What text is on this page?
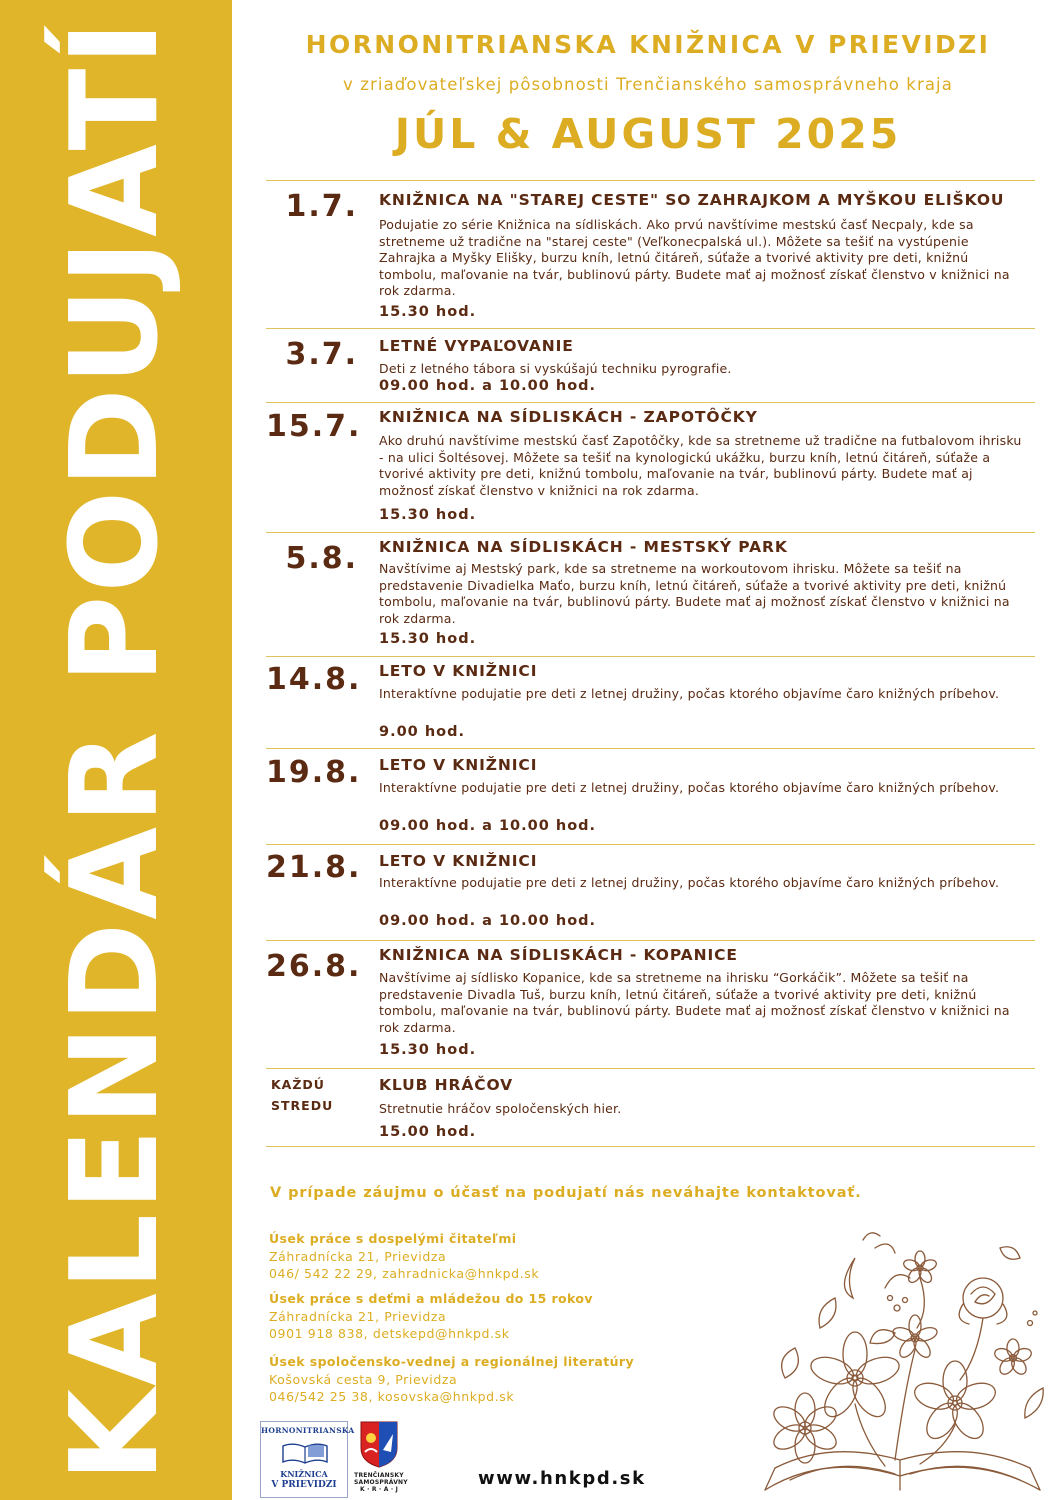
KALENDÁR PODUJATÍ	HORNONITRIANSKA KNIŽNICA V PRIEVIDZI
v zriaďovateľskej pôsobnosti Trenčianského samosprávneho kraja
JÚL & AUGUST 2025
1.7. KNIŽNICA NA "STAREJ CESTE" SO ZAHRAJKOM A MYŠKOU ELIŠKOU
Podujatie zo série Knižnica na sídliskách. Ako prvú navštívime mestskú časť Necpaly, kde sa stretneme už tradične na "starej ceste" (Veľkonecpalská ul.). Môžete sa tešiť na vystúpenie Zahrajka a Myšky Elišky, burzu kníh, letnú čitáreň, súťaže a tvorivé aktivity pre deti, knižnú tombolu, maľovanie na tvár, bublinovú párty. Budete mať aj možnosť získať členstvo v knižnici na rok zdarma.
15.30 hod.
3.7. LETNÉ VYPAĽOVANIE
Deti z letného tábora si vyskúšajú techniku pyrografie.
09.00 hod. a 10.00 hod.
15.7. KNIŽNICA NA SÍDLISKÁCH - ZAPOTÔČKY
Ako druhú navštívime mestskú časť Zapotôčky, kde sa stretneme už tradične na futbalovom ihrisku - na ulici Šoltésovej. Môžete sa tešiť na kynologickú ukážku, burzu kníh, letnú čitáreň, súťaže a tvorivé aktivity pre deti, knižnú tombolu, maľovanie na tvár, bublinovú párty. Budete mať aj možnosť získať členstvo v knižnici na rok zdarma.
15.30 hod.
5.8. KNIŽNICA NA SÍDLISKÁCH - MESTSKÝ PARK
Navštívime aj Mestský park, kde sa stretneme na workoutovom ihrisku. Môžete sa tešiť na predstavenie Divadielka Maťo, burzu kníh, letnú čitáreň, súťaže a tvorivé aktivity pre deti, knižnú tombolu, maľovanie na tvár, bublinovú párty. Budete mať aj možnosť získať členstvo v knižnici na rok zdarma.
15.30 hod.
14.8. LETO V KNIŽNICI
Interaktívne podujatie pre deti z letnej družiny, počas ktorého objavíme čaro knižných príbehov.
9.00 hod.
19.8. LETO V KNIŽNICI
Interaktívne podujatie pre deti z letnej družiny, počas ktorého objavíme čaro knižných príbehov.
09.00 hod. a 10.00 hod.
21.8. LETO V KNIŽNICI
Interaktívne podujatie pre deti z letnej družiny, počas ktorého objavíme čaro knižných príbehov.
09.00 hod. a 10.00 hod.
26.8. KNIŽNICA NA SÍDLISKÁCH - KOPANICE
Navštívime aj sídlisko Kopanice, kde sa stretneme na ihrisku “Gorkáčik”. Môžete sa tešiť na predstavenie Divadla Tuš, burzu kníh, letnú čitáreň, súťaže a tvorivé aktivity pre deti, knižnú tombolu, maľovanie na tvár, bublinovú párty. Budete mať aj možnosť získať členstvo v knižnici na rok zdarma.
15.30 hod.
KAŽDÚ
STREDU
KLUB HRÁČOV
Stretnutie hráčov spoločenských hier.
15.00 hod.
V prípade záujmu o účasť na podujatí nás neváhajte kontaktovať.
Úsek práce s dospelými čitateľmi
Záhradnícka 21, Prievidza
046/ 542 22 29, zahradnicka@hnkpd.sk
Úsek práce s deťmi a mládežou do 15 rokov
Záhradnícka 21, Prievidza
0901 918 838, detskepd@hnkpd.sk
Úsek spoločensko-vednej a regionálnej literatúry
Košovská cesta 9, Prievidza
046/542 25 38, kosovska@hnkpd.sk
HORNONITRIANSKA
KNIŽNICA
V PRIEVIDZI
TRENČIANSKY
SAMOSPRÁVNY
K · R · A · J
www.hnkpd.sk
